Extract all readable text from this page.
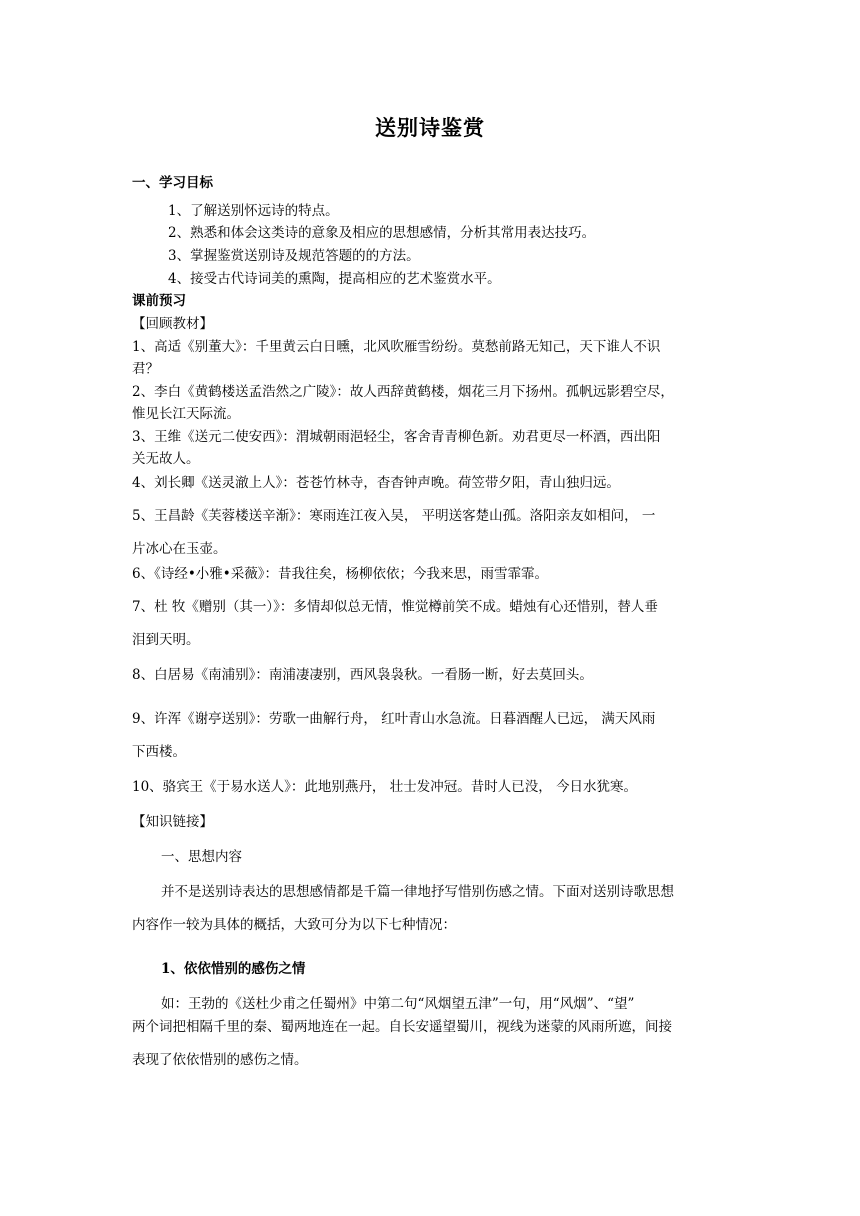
送别诗鉴赏
一、学习目标
1、了解送别怀远诗的特点。
2、熟悉和体会这类诗的意象及相应的思想感情，分析其常用表达技巧。
3、掌握鉴赏送别诗及规范答题的的方法。
4、接受古代诗词美的熏陶，提高相应的艺术鉴赏水平。
课前预习
【回顾教材】
1、高适《别董大》：千里黄云白日曛，北风吹雁雪纷纷。莫愁前路无知己，天下谁人不识
君？
2、李白《黄鹤楼送孟浩然之广陵》：故人西辞黄鹤楼，烟花三月下扬州。孤帆远影碧空尽，
惟见长江天际流。
3、王维《送元二使安西》：渭城朝雨浥轻尘，客舍青青柳色新。劝君更尽一杯酒，西出阳
关无故人。
4、刘长卿《送灵澈上人》：苍苍竹林寺，杳杳钟声晚。荷笠带夕阳，青山独归远。
5、王昌龄《芙蓉楼送辛渐》：寒雨连江夜入吴， 平明送客楚山孤。洛阳亲友如相问， 一
片冰心在玉壶。
6、《诗经•小雅•采薇》：昔我往矣，杨柳依依；今我来思，雨雪霏霏。
7、杜 牧《赠别（其一）》：多情却似总无情，惟觉樽前笑不成。蜡烛有心还惜别，替人垂
泪到天明。
8、白居易《南浦别》：南浦凄凄别，西风袅袅秋。一看肠一断，好去莫回头。
9、许浑《谢亭送别》：劳歌一曲解行舟， 红叶青山水急流。日暮酒醒人已远， 满天风雨
下西楼。
10、骆宾王《于易水送人》：此地别燕丹， 壮士发冲冠。昔时人已没， 今日水犹寒。
【知识链接】
一、思想内容
并不是送别诗表达的思想感情都是千篇一律地抒写惜别伤感之情。下面对送别诗歌思想
内容作一较为具体的概括，大致可分为以下七种情况：
1、依依惜别的感伤之情
如：王勃的《送杜少甫之任蜀州》中第二句“风烟望五津”一句，用“风烟”、“望”
两个词把相隔千里的秦、蜀两地连在一起。自长安遥望蜀川，视线为迷蒙的风雨所遮，间接
表现了依依惜别的感伤之情。
